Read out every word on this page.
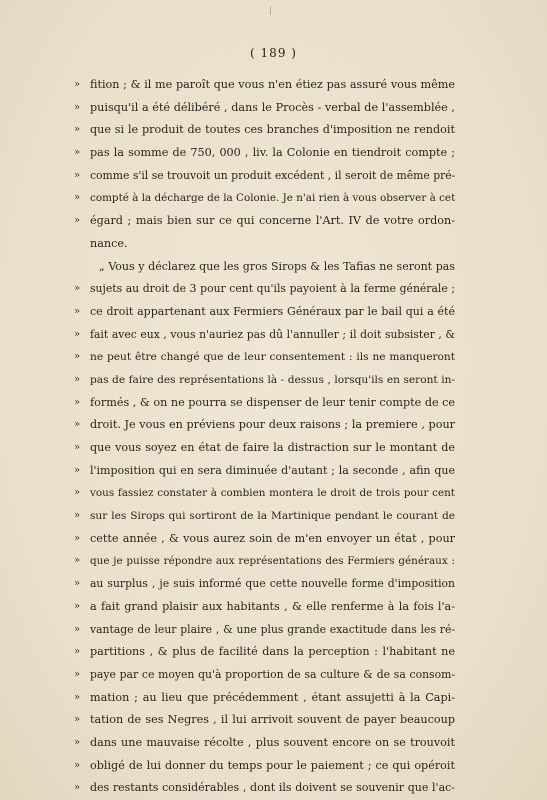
( 189 )
» fition ; & il me paroît que vous n'en étiez pas assuré vous même
» puisqu'il a été délibéré , dans le Procès - verbal de l'assemblée ,
» que si le produit de toutes ces branches d'imposition ne rendoit
» pas la somme de 750, 000 , liv. la Colonie en tiendroit compte ;
» comme s'il se trouvoit un produit excédent , il seroit de même pré-
» compté à la décharge de la Colonie. Je n'ai rien à vous observer à cet
» égard ; mais bien sur ce qui concerne l'Art. IV de votre ordon-
nance.
„ Vous y déclarez que les gros Sirops & les Tafias ne seront pas
» sujets au droit de 3 pour cent qu'ils payoient à la ferme générale ;
» ce droit appartenant aux Fermiers Généraux par le bail qui a été
» fait avec eux , vous n'auriez pas dû l'annuller ; il doit subsister , &
» ne peut être changé que de leur consentement : ils ne manqueront
» pas de faire des représentations là - dessus , lorsqu'ils en seront in-
» formés , & on ne pourra se dispenser de leur tenir compte de ce
» droit. Je vous en préviens pour deux raisons ; la premiere , pour
» que vous soyez en état de faire la distraction sur le montant de
» l'imposition qui en sera diminuée d'autant ; la seconde , afin que
» vous fassiez constater à combien montera le droit de trois pour cent
» sur les Sirops qui sortiront de la Martinique pendant le courant de
» cette année , & vous aurez soin de m'en envoyer un état , pour
» que je puisse répondre aux représentations des Fermiers généraux :
» au surplus , je suis informé que cette nouvelle forme d'imposition
» a fait grand plaisir aux habitants , & elle renferme à la fois l'a-
» vantage de leur plaire , & une plus grande exactitude dans les ré-
» partitions , & plus de facilité dans la perception : l'habitant ne
» paye par ce moyen qu'à proportion de sa culture & de sa consom-
» mation ; au lieu que précédemment , étant assujetti à la Capi-
» tation de ses Negres , il lui arrivoit souvent de payer beaucoup
» dans une mauvaise récolte , plus souvent encore on se trouvoit
» obligé de lui donner du temps pour le paiement ; ce qui opéroit
» des restants considérables , dont ils doivent se souvenir que l'ac-
